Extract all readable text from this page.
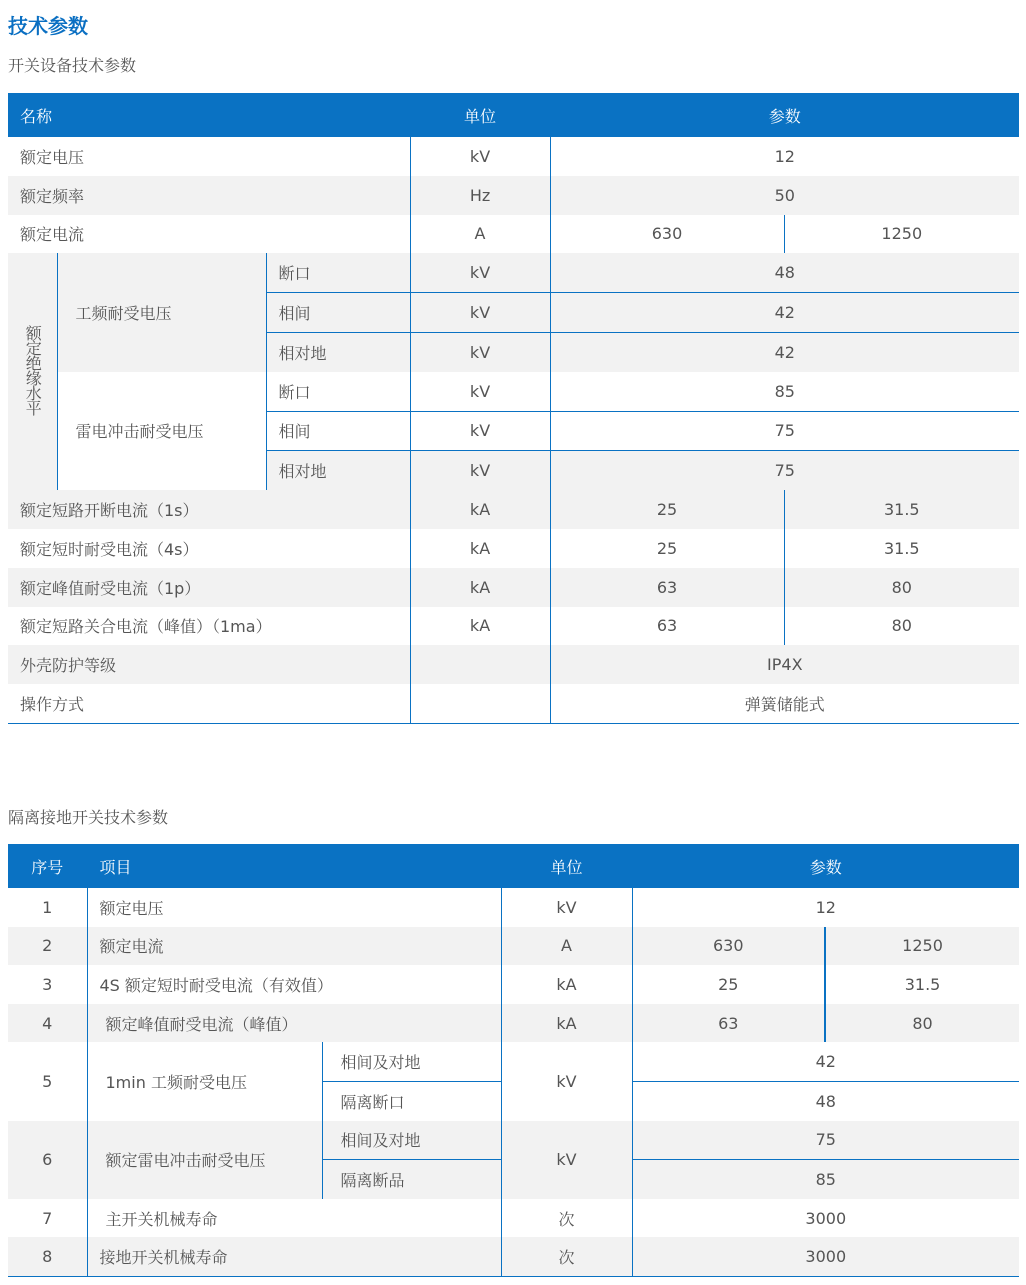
技术参数
开关设备技术参数
名称			单位	参数	
额定电压			kV	12	
额定频率			Hz	50	
额定电流			A	630	1250
额定绝缘水平	工频耐受电压	断口	kV	48	
		相间	kV	42	
		相对地	kV	42	
	雷电冲击耐受电压	断口	kV	85	
		相间	kV	75	
		相对地	kV	75	
额定短路开断电流（1s）			kA	25	31.5
额定短时耐受电流（4s）			kA	25	31.5
额定峰值耐受电流（1p）			kA	63	80
额定短路关合电流（峰值）（1ma）			kA	63	80
外壳防护等级				IP4X	
操作方式				弹簧储能式	
隔离接地开关技术参数
序号	项目		单位	参数	
1	额定电压		kV	12	
2	额定电流		A	630	1250
3	4S 额定短时耐受电流（有效值）		kA	25	31.5
4	额定峰值耐受电流（峰值）		kA	63	80
5	1min 工频耐受电压	相间及对地	kV	42	
		隔离断口		48	
6	额定雷电冲击耐受电压	相间及对地	kV	75	
		隔离断品		85	
7	主开关机械寿命		次	3000	
8	接地开关机械寿命		次	3000	
